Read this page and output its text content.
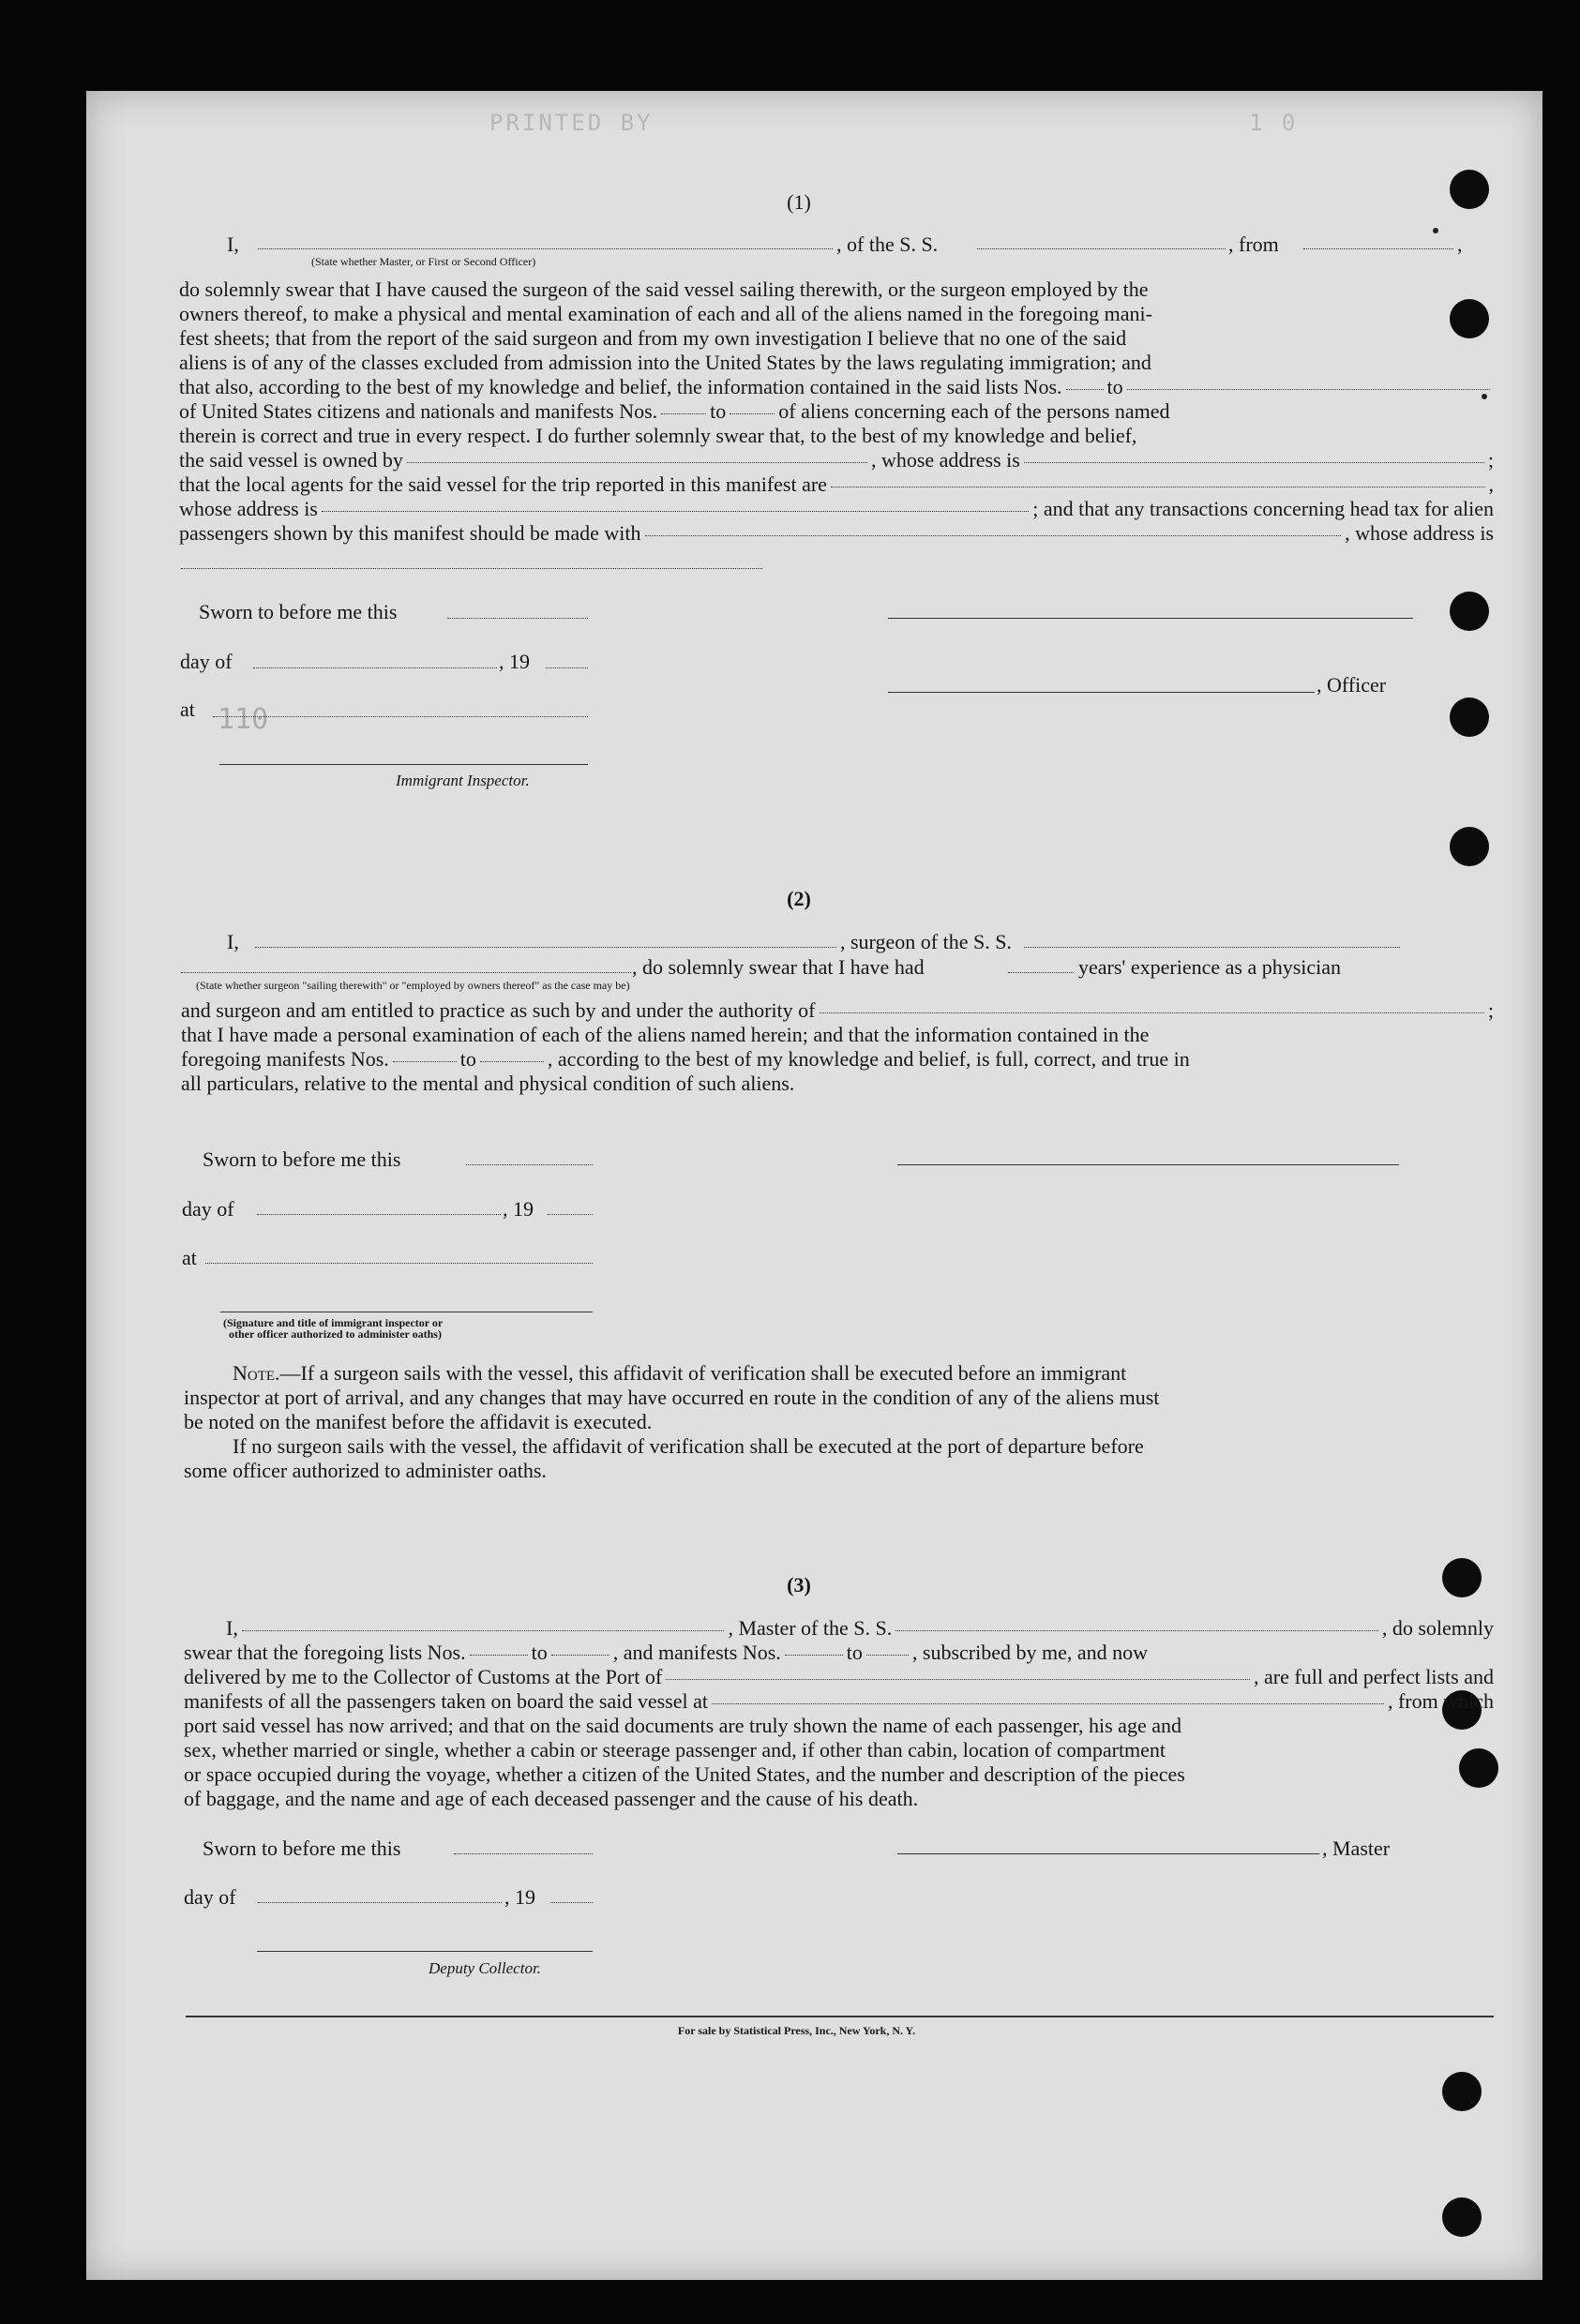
PRINTED BY	1 0
(1)
I,
(State whether Master, or First or Second Officer)
, of the S. S.	, from	,
do solemnly swear that I have caused the surgeon of the said vessel sailing therewith, or the surgeon employed by the
owners thereof, to make a physical and mental examination of each and all of the aliens named in the foregoing mani-
fest sheets; that from the report of the said surgeon and from my own investigation I believe that no one of the said
aliens is of any of the classes excluded from admission into the United States by the laws regulating immigration; and
that also, according to the best of my knowledge and belief, the information contained in the said lists Nos. to
of United States citizens and nationals and manifests Nos.	to	of aliens concerning each of the persons named
therein is correct and true in every respect. I do further solemnly swear that, to the best of my knowledge and belief,
the said vessel is owned by	, whose address is	;
that the local agents for the said vessel for the trip reported in this manifest are	,
whose address is	; and that any transactions concerning head tax for alien
passengers shown by this manifest should be made with	, whose address is
Sworn to before me this
day of	, 19
, Officer
at 110
Immigrant Inspector.
(2)
I,	, surgeon of the S. S.
, do solemnly swear that I have had	years' experience as a physician
(State whether surgeon "sailing therewith" or "employed by owners thereof" as the case may be)
and surgeon and am entitled to practice as such by and under the authority of	;
that I have made a personal examination of each of the aliens named herein; and that the information contained in the
foregoing manifests Nos.	to	, according to the best of my knowledge and belief, is full, correct, and true in
all particulars, relative to the mental and physical condition of such aliens.
Sworn to before me this
day of	, 19
at
(Signature and title of immigrant inspector or
other officer authorized to administer oaths)
Note. —If a surgeon sails with the vessel, this affidavit of verification shall be executed before an immigrant
inspector at port of arrival, and any changes that may have occurred en route in the condition of any of the aliens must
be noted on the manifest before the affidavit is executed.
If no surgeon sails with the vessel, the affidavit of verification shall be executed at the port of departure before
some officer authorized to administer oaths.
(3)
I,	, Master of the S. S.	, do solemnly
swear that the foregoing lists Nos.	to	, and manifests Nos.	to , subscribed by me, and now
delivered by me to the Collector of Customs at the Port of	, are full and perfect lists and
manifests of all the passengers taken on board the said vessel at	, from which
port said vessel has now arrived; and that on the said documents are truly shown the name of each passenger, his age and
sex, whether married or single, whether a cabin or steerage passenger and, if other than cabin, location of compartment
or space occupied during the voyage, whether a citizen of the United States, and the number and description of the pieces
of baggage, and the name and age of each deceased passenger and the cause of his death.
Sworn to before me this	, Master
day of	, 19
Deputy Collector.
For sale by Statistical Press, Inc., New York, N. Y.
